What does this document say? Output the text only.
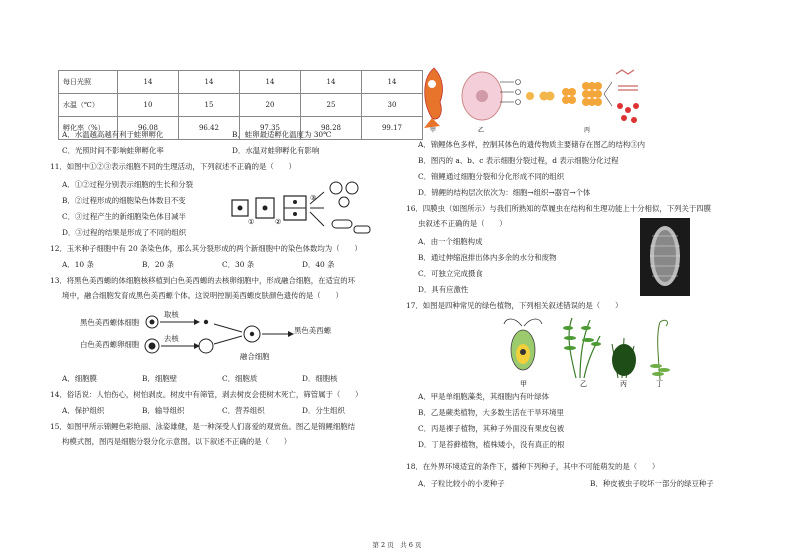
每日光照	14	14	14	14	14
水温（℃）	10	15	20	25	30
孵化率（%）	96.08	96.42	97.35	98.28	99.17
A．水温越高越有利于蛙卵孵化	B．蛙卵最适孵化温度为 30℃
C．光照时间不影响蛙卵孵化率	D．水温对蛙卵孵化有影响
11．如图中①②③表示细胞不同的生理活动，下列叙述不正确的是（　　）
A．①②过程分别表示细胞的生长和分裂
B．②过程形成的细胞染色体数目不变
C．③过程产生的新细胞染色体目减半
D．③过程的结果是形成了不同的组织
①	②
③
12．玉米种子细胞中有 20 条染色体，那么其分裂形成的两个新细胞中的染色体数均为（　　）
A．10 条	B．20 条	C．30 条	D．40 条
13．将黑色美西螈的体细胞核移植到白色美西螈的去核卵细胞中，形成融合细胞，在适宜的环
境中，融合细胞发育成黑色美西螈个体。这说明控制美西螈皮肤颜色遗传的是（　　）
黑色美西螈体细胞
白色美西螈卵细胞
取核
去核
融合细胞
黑色美西螈
A．细胞膜	B．细胞壁	C．细胞质	D．细胞核
14．俗话说：人怕伤心，树怕剥皮。树皮中有筛管，剥去树皮会使树木死亡，筛管属于（　　）
A．保护组织	B．输导组织	C．营养组织	D．分生组织
15．如图甲所示锦鲤色彩艳丽、泳姿雄健，是一种深受人们喜爱的观赏鱼。图乙是锦鲤细胞结
构模式图，图丙是细胞分裂分化示意图。以下叙述不正确的是（　　）
甲	乙	丙
A．锦鲤体色多样，控制其体色的遗传物质主要储存在图乙的结构③内
B．图丙的 a、b、c 表示细胞分裂过程，d 表示细胞分化过程
C．锦鲤通过细胞分裂和分化形成不同的组织
D．锦鲤的结构层次依次为：细胞→组织→器官→个体
16．四膜虫（如图所示）与我们所熟知的草履虫在结构和生理功能上十分相似，下列关于四膜
虫叙述不正确的是（　　）
A．由一个细胞构成
B．通过伸缩泡排出体内多余的水分和废物
C．可独立完成摄食
D．具有应激性
17．如图是四种常见的绿色植物，下列相关叙述错误的是（　　）
甲	乙	丙	丁
A．甲是单细胞藻类，其细胞内有叶绿体
B．乙是蕨类植物，大多数生活在干旱环境里
C．丙是裸子植物，其种子外面没有果皮包被
D．丁是苔藓植物，植株矮小，没有真正的根
18．在外界环境适宜的条件下，播种下列种子，其中不可能萌发的是（　　）
A．子粒比较小的小麦种子	B．种皮被虫子咬坏一部分的绿豆种子
第 2 页　共 6 页
